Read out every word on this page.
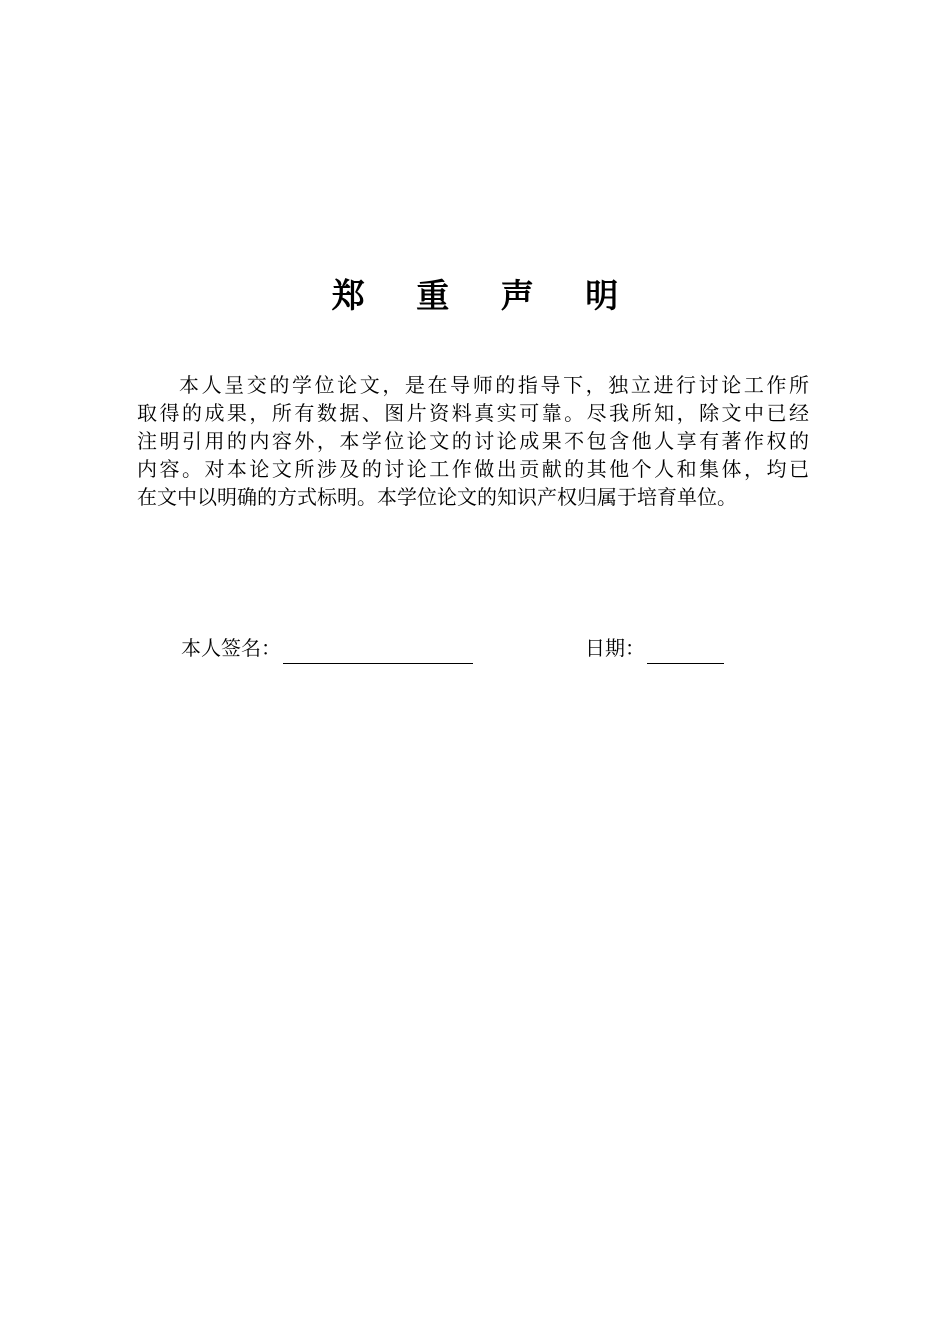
郑 重 声 明
本人呈交的学位论文，是在导师的指导下，独立进行讨论工作所
取得的成果，所有数据、图片资料真实可靠。尽我所知，除文中已经
注明引用的内容外，本学位论文的讨论成果不包含他人享有著作权的
内容。对本论文所涉及的讨论工作做出贡献的其他个人和集体，均已
在文中以明确的方式标明。本学位论文的知识产权归属于培育单位。
本人签名：	日期：
